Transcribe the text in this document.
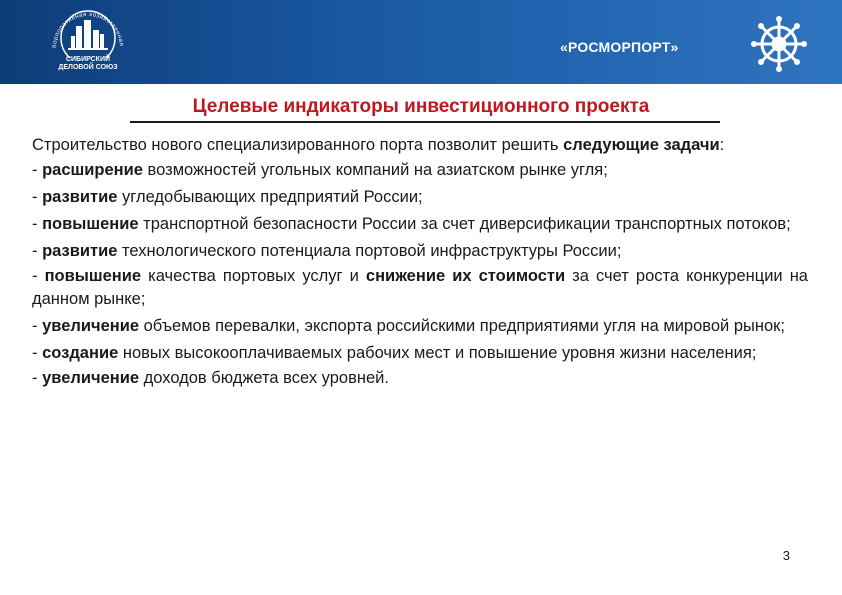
Корпоративная хозяйственная
СИБИРСКИЙ
ДЕЛОВОЙ СОЮЗ
«РОСМОРПОРТ»
Целевые индикаторы инвестиционного проекта

Строительство нового специализированного порта позволит решить следующие задачи:

- расширение возможностей угольных компаний на азиатском рынке угля;

- развитие угледобывающих предприятий России;

- повышение транспортной безопасности России за счет диверсификации транспортных потоков;

- развитие технологического потенциала портовой инфраструктуры России;

- повышение качества портовых услуг и снижение их стоимости за счет роста конкуренции на данном рынке;

- увеличение объемов перевалки, экспорта российскими предприятиями угля на мировой рынок;

- создание новых высокооплачиваемых рабочих мест и повышение уровня жизни населения;

- увеличение доходов бюджета всех уровней.

3
